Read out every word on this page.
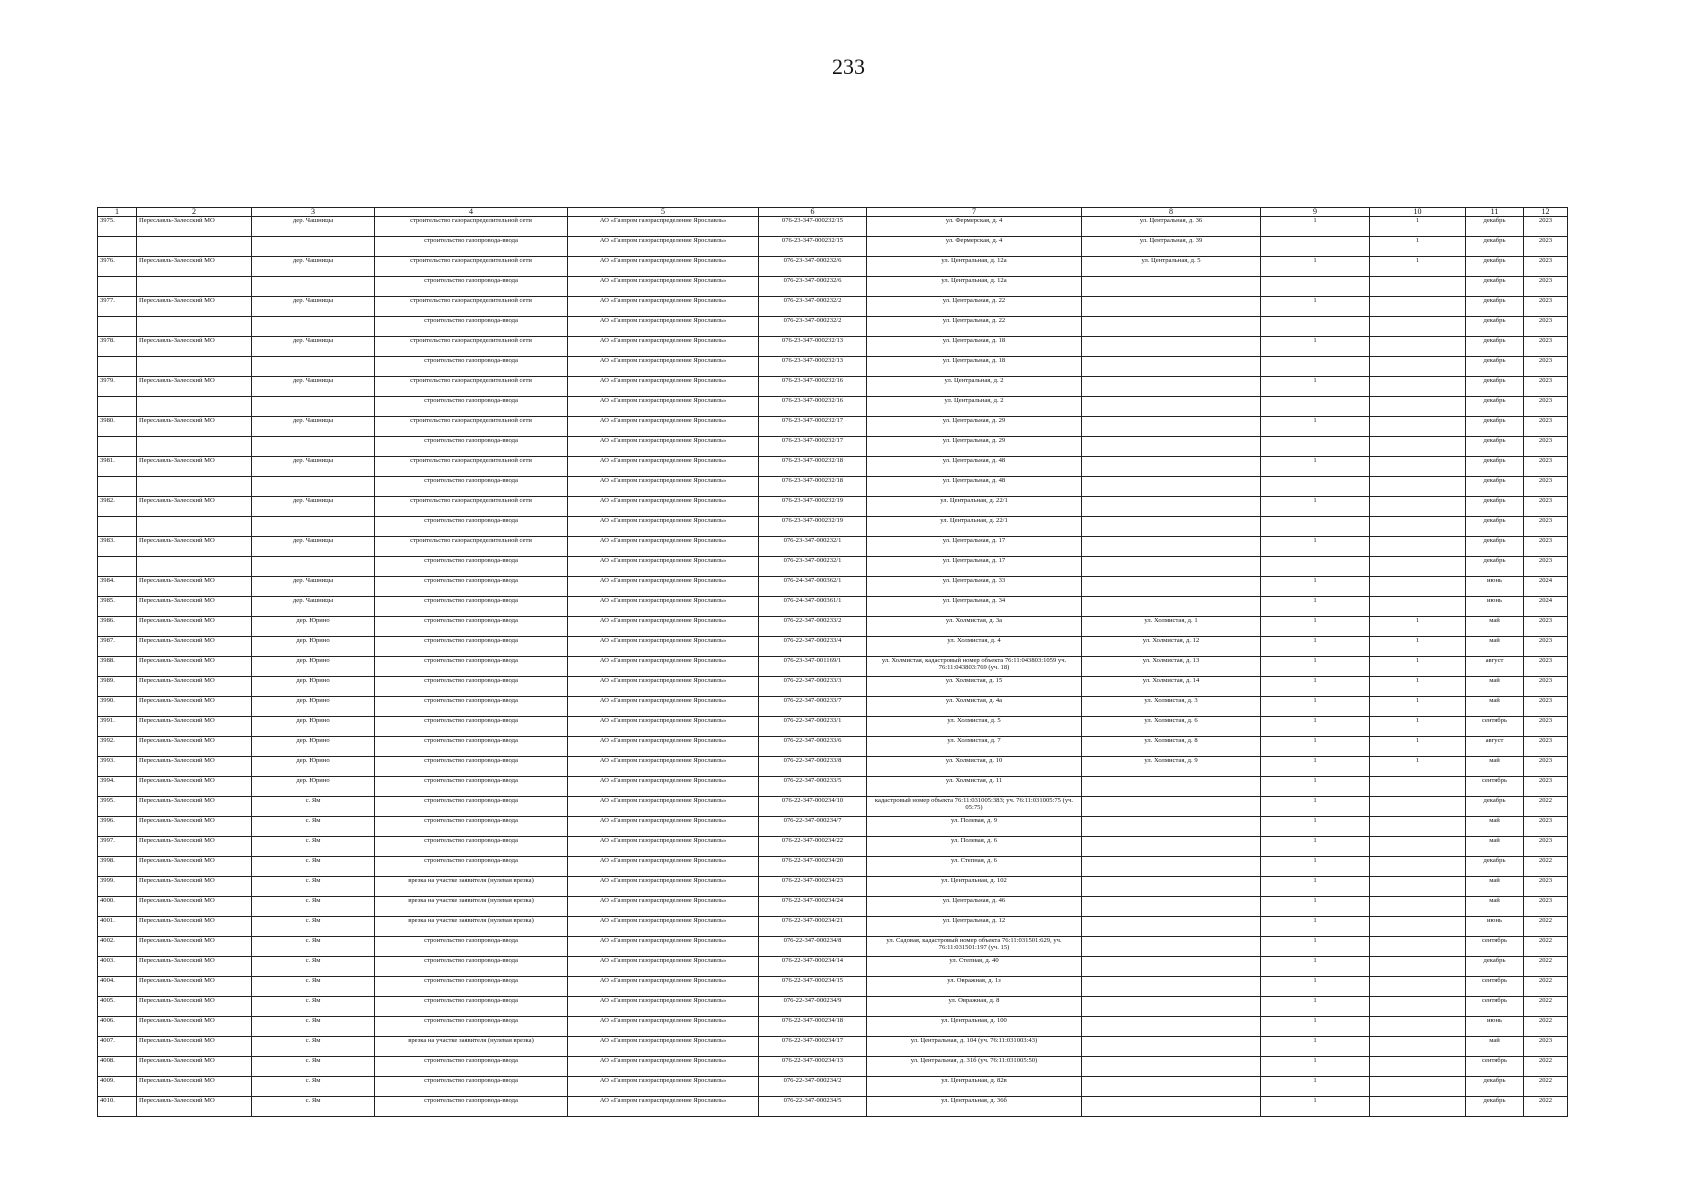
233
1	2	3	4	5	6	7	8	9	10	11	12
3975.	Переславль-Залесский МО	дер. Чашницы	строительство газораспределительной сети	АО «Газпром газораспределение Ярославль»	076-23-347-000232/15	ул. Фермерская, д. 4	ул. Центральная, д. 36	1	1	декабрь	2023
			строительство газопровода-ввода	АО «Газпром газораспределение Ярославль»	076-23-347-000232/15	ул. Фермерская, д. 4	ул. Центральная, д. 39		1	декабрь	2023
3976.	Переславль-Залесский МО	дер. Чашницы	строительство газораспределительной сети	АО «Газпром газораспределение Ярославль»	076-23-347-000232/6	ул. Центральная, д. 12а	ул. Центральная, д. 5	1	1	декабрь	2023
			строительство газопровода-ввода	АО «Газпром газораспределение Ярославль»	076-23-347-000232/6	ул. Центральная, д. 12а				декабрь	2023
3977.	Переславль-Залесский МО	дер. Чашницы	строительство газораспределительной сети	АО «Газпром газораспределение Ярославль»	076-23-347-000232/2	ул. Центральная, д. 22		1		декабрь	2023
			строительство газопровода-ввода	АО «Газпром газораспределение Ярославль»	076-23-347-000232/2	ул. Центральная, д. 22				декабрь	2023
3978.	Переславль-Залесский МО	дер. Чашницы	строительство газораспределительной сети	АО «Газпром газораспределение Ярославль»	076-23-347-000232/13	ул. Центральная, д. 18		1		декабрь	2023
			строительство газопровода-ввода	АО «Газпром газораспределение Ярославль»	076-23-347-000232/13	ул. Центральная, д. 18				декабрь	2023
3979.	Переславль-Залесский МО	дер. Чашницы	строительство газораспределительной сети	АО «Газпром газораспределение Ярославль»	076-23-347-000232/16	ул. Центральная, д. 2		1		декабрь	2023
			строительство газопровода-ввода	АО «Газпром газораспределение Ярославль»	076-23-347-000232/16	ул. Центральная, д. 2				декабрь	2023
3980.	Переславль-Залесский МО	дер. Чашницы	строительство газораспределительной сети	АО «Газпром газораспределение Ярославль»	076-23-347-000232/17	ул. Центральная, д. 29		1		декабрь	2023
			строительство газопровода-ввода	АО «Газпром газораспределение Ярославль»	076-23-347-000232/17	ул. Центральная, д. 29				декабрь	2023
3981.	Переславль-Залесский МО	дер. Чашницы	строительство газораспределительной сети	АО «Газпром газораспределение Ярославль»	076-23-347-000232/18	ул. Центральная, д. 48		1		декабрь	2023
			строительство газопровода-ввода	АО «Газпром газораспределение Ярославль»	076-23-347-000232/18	ул. Центральная, д. 48				декабрь	2023
3982.	Переславль-Залесский МО	дер. Чашницы	строительство газораспределительной сети	АО «Газпром газораспределение Ярославль»	076-23-347-000232/19	ул. Центральная, д. 22/1		1		декабрь	2023
			строительство газопровода-ввода	АО «Газпром газораспределение Ярославль»	076-23-347-000232/19	ул. Центральная, д. 22/1				декабрь	2023
3983.	Переславль-Залесский МО	дер. Чашницы	строительство газораспределительной сети	АО «Газпром газораспределение Ярославль»	076-23-347-000232/1	ул. Центральная, д. 17		1		декабрь	2023
			строительство газопровода-ввода	АО «Газпром газораспределение Ярославль»	076-23-347-000232/1	ул. Центральная, д. 17				декабрь	2023
3984.	Переславль-Залесский МО	дер. Чашницы	строительство газопровода-ввода	АО «Газпром газораспределение Ярославль»	076-24-347-000362/1	ул. Центральная, д. 33		1		июнь	2024
3985.	Переславль-Залесский МО	дер. Чашницы	строительство газопровода-ввода	АО «Газпром газораспределение Ярославль»	076-24-347-000361/1	ул. Центральная, д. 34		1		июнь	2024
3986.	Переславль-Залесский МО	дер. Юрино	строительство газопровода-ввода	АО «Газпром газораспределение Ярославль»	076-22-347-000233/2	ул. Холмистая, д. 3а	ул. Холмистая, д. 1	1	1	май	2023
3987.	Переславль-Залесский МО	дер. Юрино	строительство газопровода-ввода	АО «Газпром газораспределение Ярославль»	076-22-347-000233/4	ул. Холмистая, д. 4	ул. Холмистая, д. 12	1	1	май	2023
3988.	Переславль-Залесский МО	дер. Юрино	строительство газопровода-ввода	АО «Газпром газораспределение Ярославль»	076-23-347-001169/1	ул. Холмистая, кадастровый номер объекта 76:11:043803:1059 уч. 76:11:043803:769 (уч. 18)	ул. Холмистая, д. 13	1	1	август	2023
3989.	Переславль-Залесский МО	дер. Юрино	строительство газопровода-ввода	АО «Газпром газораспределение Ярославль»	076-22-347-000233/3	ул. Холмистая, д. 15	ул. Холмистая, д. 14	1	1	май	2023
3990.	Переславль-Залесский МО	дер. Юрино	строительство газопровода-ввода	АО «Газпром газораспределение Ярославль»	076-22-347-000233/7	ул. Холмистая, д. 4а	ул. Холмистая, д. 3	1	1	май	2023
3991.	Переславль-Залесский МО	дер. Юрино	строительство газопровода-ввода	АО «Газпром газораспределение Ярославль»	076-22-347-000233/1	ул. Холмистая, д. 5	ул. Холмистая, д. 6	1	1	сентябрь	2023
3992.	Переславль-Залесский МО	дер. Юрино	строительство газопровода-ввода	АО «Газпром газораспределение Ярославль»	076-22-347-000233/6	ул. Холмистая, д. 7	ул. Холмистая, д. 8	1	1	август	2023
3993.	Переславль-Залесский МО	дер. Юрино	строительство газопровода-ввода	АО «Газпром газораспределение Ярославль»	076-22-347-000233/8	ул. Холмистая, д. 10	ул. Холмистая, д. 9	1	1	май	2023
3994.	Переславль-Залесский МО	дер. Юрино	строительство газопровода-ввода	АО «Газпром газораспределение Ярославль»	076-22-347-000233/5	ул. Холмистая, д. 11		1		сентябрь	2023
3995.	Переславль-Залесский МО	с. Ям	строительство газопровода-ввода	АО «Газпром газораспределение Ярославль»	076-22-347-000234/10	кадастровый номер объекта 76:11:031005:383; уч. 76:11:031005:75 (уч. 05:75)		1		декабрь	2022
3996.	Переславль-Залесский МО	с. Ям	строительство газопровода-ввода	АО «Газпром газораспределение Ярославль»	076-22-347-000234/7	ул. Полевая, д. 9		1		май	2023
3997.	Переславль-Залесский МО	с. Ям	строительство газопровода-ввода	АО «Газпром газораспределение Ярославль»	076-22-347-000234/22	ул. Полевая, д. 6		1		май	2023
3998.	Переславль-Залесский МО	с. Ям	строительство газопровода-ввода	АО «Газпром газораспределение Ярославль»	076-22-347-000234/20	ул. Степная, д. 6		1		декабрь	2022
3999.	Переславль-Залесский МО	с. Ям	врезка на участке заявителя (нулевая врезка)	АО «Газпром газораспределение Ярославль»	076-22-347-000234/23	ул. Центральная, д. 102		1		май	2023
4000.	Переславль-Залесский МО	с. Ям	врезка на участке заявителя (нулевая врезка)	АО «Газпром газораспределение Ярославль»	076-22-347-000234/24	ул. Центральная, д. 46		1		май	2023
4001.	Переславль-Залесский МО	с. Ям	врезка на участке заявителя (нулевая врезка)	АО «Газпром газораспределение Ярославль»	076-22-347-000234/21	ул. Центральная, д. 12		1		июнь	2022
4002.	Переславль-Залесский МО	с. Ям	строительство газопровода-ввода	АО «Газпром газораспределение Ярославль»	076-22-347-000234/8	ул. Садовая, кадастровый номер объекта 76:11:031501:629, уч. 76:11:031501:197 (уч. 15)		1		сентябрь	2022
4003.	Переславль-Залесский МО	с. Ям	строительство газопровода-ввода	АО «Газпром газораспределение Ярославль»	076-22-347-000234/14	ул. Степная, д. 40		1		декабрь	2022
4004.	Переславль-Залесский МО	с. Ям	строительство газопровода-ввода	АО «Газпром газораспределение Ярославль»	076-22-347-000234/15	ул. Овражная, д. 1з		1		сентябрь	2022
4005.	Переславль-Залесский МО	с. Ям	строительство газопровода-ввода	АО «Газпром газораспределение Ярославль»	076-22-347-000234/9	ул. Овражная, д. 8		1		сентябрь	2022
4006.	Переславль-Залесский МО	с. Ям	строительство газопровода-ввода	АО «Газпром газораспределение Ярославль»	076-22-347-000234/18	ул. Центральная, д. 100		1		июнь	2022
4007.	Переславль-Залесский МО	с. Ям	врезка на участке заявителя (нулевая врезка)	АО «Газпром газораспределение Ярославль»	076-22-347-000234/17	ул. Центральная, д. 104 (уч. 76:11:031003:43)		1		май	2023
4008.	Переславль-Залесский МО	с. Ям	строительство газопровода-ввода	АО «Газпром газораспределение Ярославль»	076-22-347-000234/13	ул. Центральная, д. 31б (уч. 76:11:031005:50)		1		сентябрь	2022
4009.	Переславль-Залесский МО	с. Ям	строительство газопровода-ввода	АО «Газпром газораспределение Ярославль»	076-22-347-000234/2	ул. Центральная, д. 82в		1		декабрь	2022
4010.	Переславль-Залесский МО	с. Ям	строительство газопровода-ввода	АО «Газпром газораспределение Ярославль»	076-22-347-000234/5	ул. Центральная, д. 36б		1		декабрь	2022
